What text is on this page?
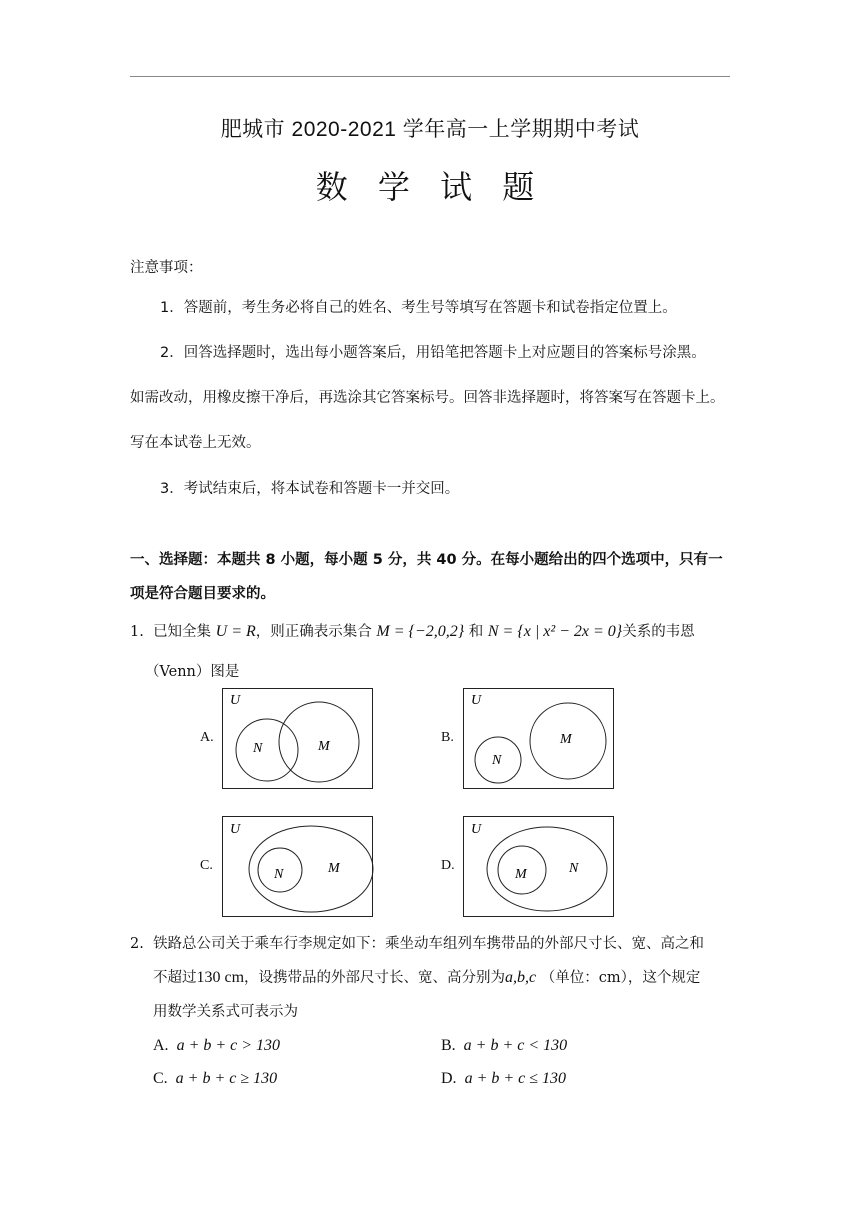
肥城市 2020-2021 学年高一上学期期中考试
数 学 试 题
注意事项：
1．答题前，考生务必将自己的姓名、考生号等填写在答题卡和试卷指定位置上。
2．回答选择题时，选出每小题答案后，用铅笔把答题卡上对应题目的答案标号涂黑。
如需改动，用橡皮擦干净后，再选涂其它答案标号。回答非选择题时，将答案写在答题卡上。
写在本试卷上无效。
3．考试结束后，将本试卷和答题卡一并交回。
一、选择题：本题共 8 小题，每小题 5 分，共 40 分。在每小题给出的四个选项中，只有一
项是符合题目要求的。
1. 已知全集 U = R，则正确表示集合 M = {−2,0,2} 和 N = {x | x² − 2x = 0}关系的韦恩
（Venn）图是
A.
U
N	M
B.
U
N
M
C.
U
N	M	D.
U
M	N
2. 铁路总公司关于乘车行李规定如下：乘坐动车组列车携带品的外部尺寸长、宽、高之和
不超过130 cm，设携带品的外部尺寸长、宽、高分别为a,b,c （单位：cm），这个规定
用数学关系式可表示为
A. a + b + c > 130	B. a + b + c < 130
C. a + b + c ≥ 130	D. a + b + c ≤ 130
